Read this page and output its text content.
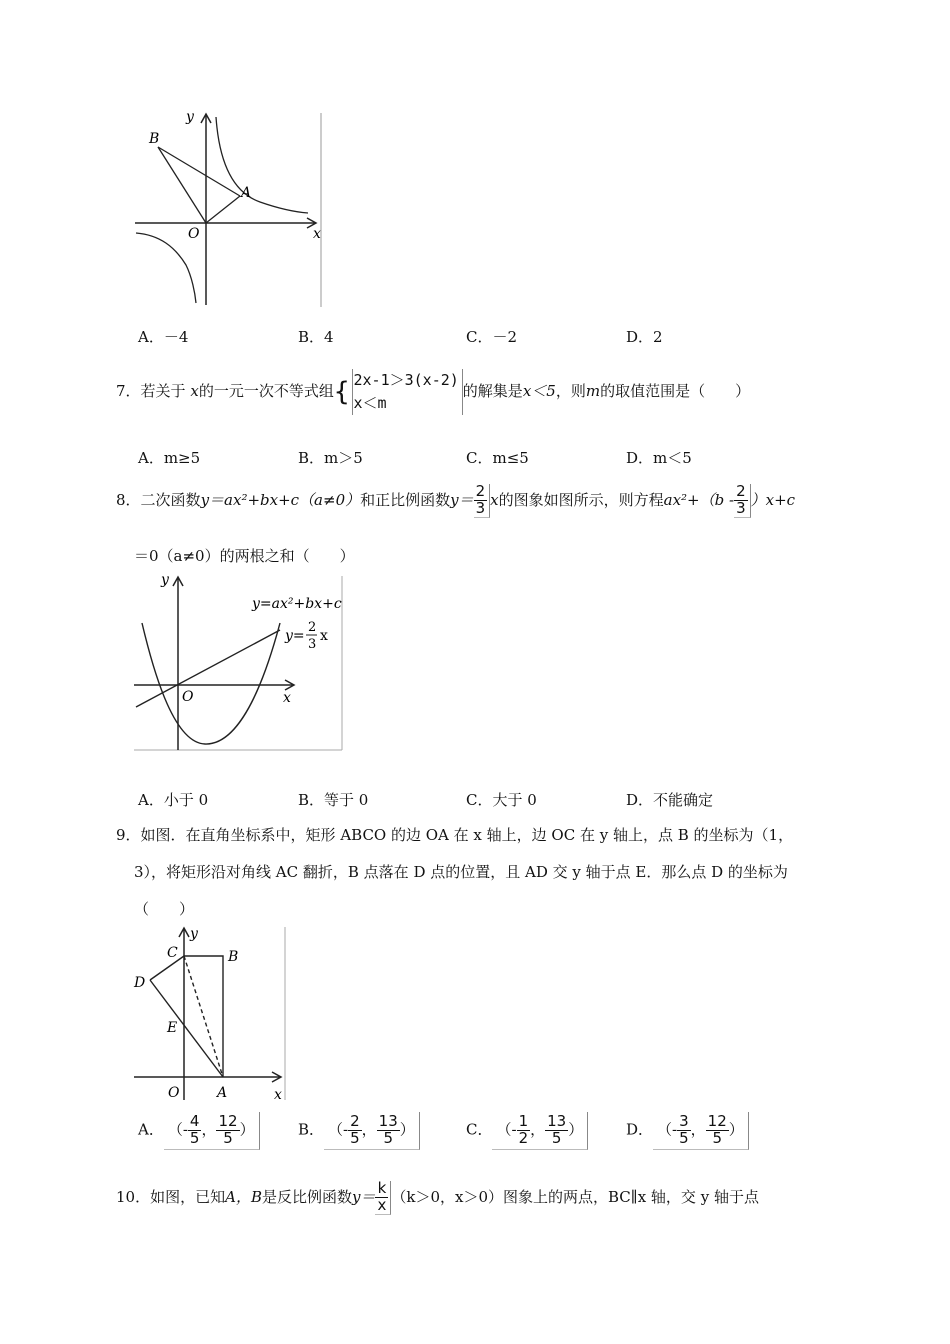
y
B
A
O	x
A．－4	B．4	C．－2	D．2
7．若关于 x的一元一次不等式组{ 2x-1＞3(x-2)
x＜m的解集是x＜5，则m的取值范围是（　　）
A．m≥5	B．m＞5	C．m≤5	D．m＜5
8．二次函数y＝ax²+bx+c（a≠0）和正比例函数$y= \frac{2}{3}$ x的图象如图所示，则方程$ax^2+(b - \frac{2}{3} )x+c$
＝0（a≠0）的两根之和（　　）
y
O	x
y=ax²+bx+c
y=
2
3
x
A．小于 0	B．等于 0	C．大于 0	D．不能确定
9．如图．在直角坐标系中，矩形 ABCO 的边 OA 在 x 轴上，边 OC 在 y 轴上，点 B 的坐标为（1，
3），将矩形沿对角线 AC 翻折，B 点落在 D 点的位置，且 AD 交 y 轴于点 E．那么点 D 的坐标为
（　　）
y
C	B
D
E
O	A	x
A． （- $\frac{4}{5}$ ， $\frac{12}{5}$ ）	B． （- $\frac{2}{5}$ ， $\frac{13}{5}$ ）	C． （- $\frac{1}{2}$ ， $\frac{13}{5}$ ）	D． （- $\frac{3}{5}$ ， $\frac{12}{5}$ ）
10．如图，已知A，B是反比例函数$y= \frac{k}{x} (k>0$，x＞0）图象上的两点，BC∥x 轴，交 y 轴于点
